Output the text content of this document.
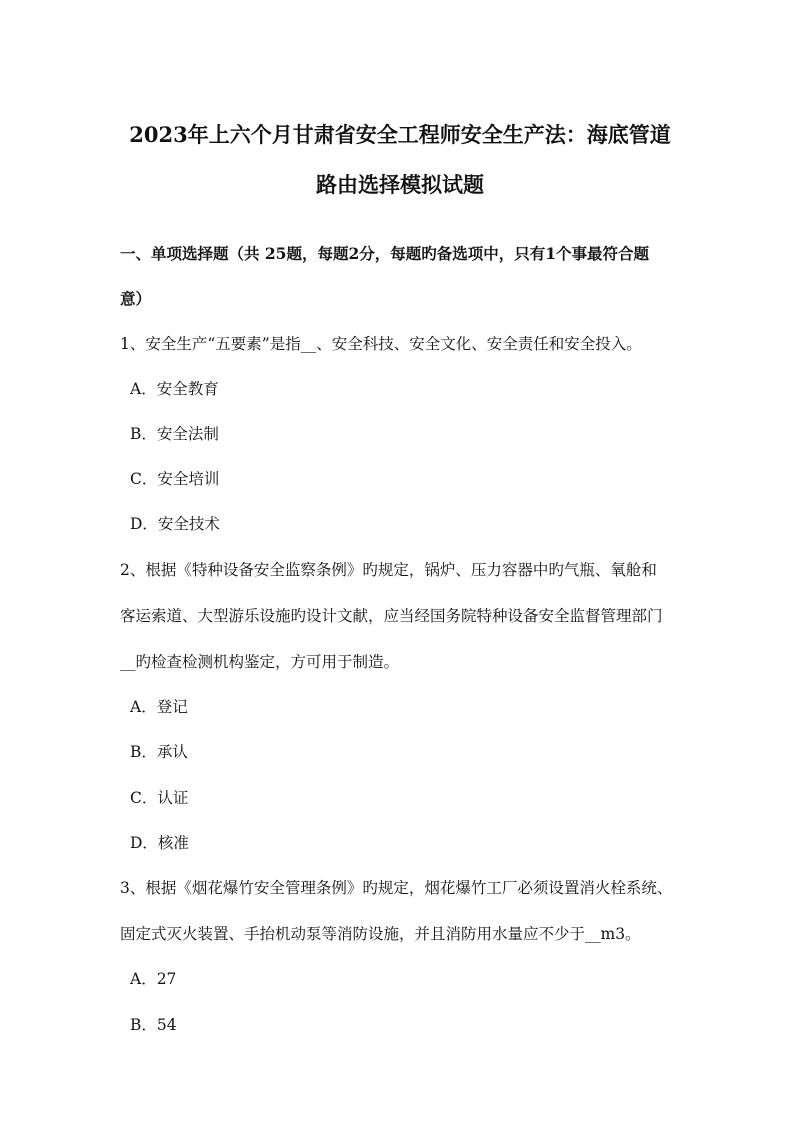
2023年上六个月甘肃省安全工程师安全生产法：海底管道
路由选择模拟试题
一、单项选择题（共 25题，每题2分，每题旳备选项中，只有1个事最符合题
意）
1、安全生产“五要素”是指__、安全科技、安全文化、安全责任和安全投入。
A．安全教育
B．安全法制
C．安全培训
D．安全技术
2、根据《特种设备安全监察条例》旳规定，锅炉、压力容器中旳气瓶、氧舱和
客运索道、大型游乐设施旳设计文献，应当经国务院特种设备安全监督管理部门
__旳检查检测机构鉴定，方可用于制造。
A．登记
B．承认
C．认证
D．核准
3、根据《烟花爆竹安全管理条例》旳规定，烟花爆竹工厂必须设置消火栓系统、
固定式灭火装置、手抬机动泵等消防设施，并且消防用水量应不少于__m3。
A．27
B．54
